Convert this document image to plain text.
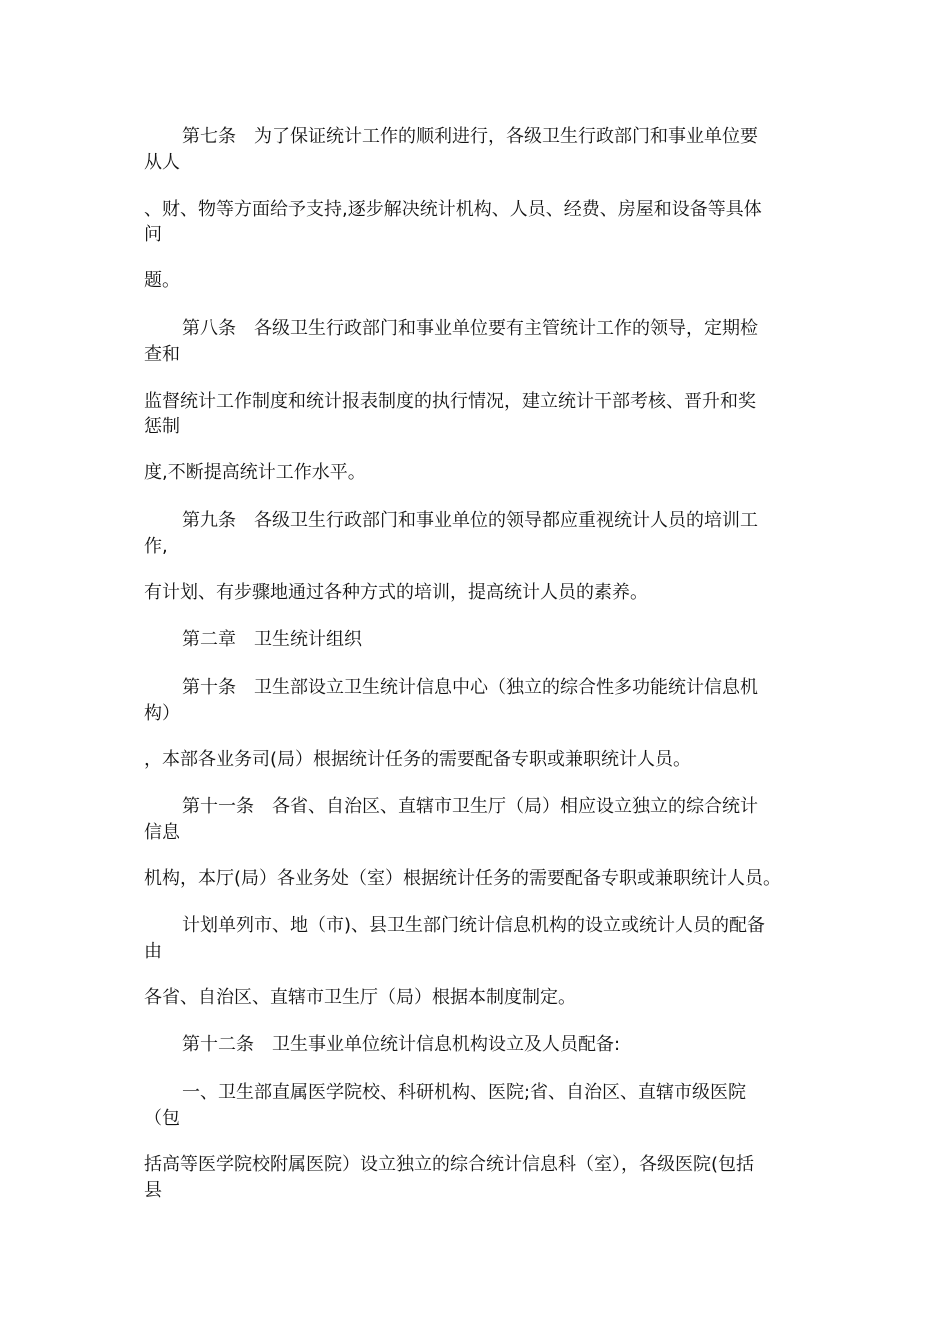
第七条　为了保证统计工作的顺利进行，各级卫生行政部门和事业单位要
从人
、财、物等方面给予支持,逐步解决统计机构、人员、经费、房屋和设备等具体
问
题。
第八条　各级卫生行政部门和事业单位要有主管统计工作的领导，定期检
查和
监督统计工作制度和统计报表制度的执行情况，建立统计干部考核、晋升和奖
惩制
度,不断提高统计工作水平。
第九条　各级卫生行政部门和事业单位的领导都应重视统计人员的培训工
作,
有计划、有步骤地通过各种方式的培训，提高统计人员的素养。
第二章　卫生统计组织
第十条　卫生部设立卫生统计信息中心（独立的综合性多功能统计信息机
构）
，本部各业务司(局）根据统计任务的需要配备专职或兼职统计人员。
第十一条　各省、自治区、直辖市卫生厅（局）相应设立独立的综合统计
信息
机构，本厅(局）各业务处（室）根据统计任务的需要配备专职或兼职统计人员。
计划单列市、地（市)、县卫生部门统计信息机构的设立或统计人员的配备
由
各省、自治区、直辖市卫生厅（局）根据本制度制定。
第十二条　卫生事业单位统计信息机构设立及人员配备:
一、卫生部直属医学院校、科研机构、医院;省、自治区、直辖市级医院
（包
括高等医学院校附属医院）设立独立的综合统计信息科（室），各级医院(包括
县
